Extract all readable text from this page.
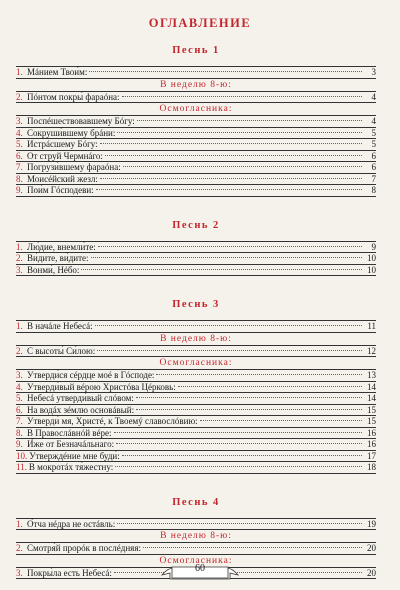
ОГЛАВЛЕНИЕ
Песнь 1
1. Мáнием Твои́м:	3
В неделю 8-ю:
2. Пóнтом покры́ фарaóна:	4
Осмогласника:
3. Поспéшествовавшему Бóгу:	4
4. Сокруши́вшему брáни:	5
5. Истрáсшему Бóгу:	5
6. От струй Чермнáго:	6
7. Погрузи́вшему фарaóна:	6
8. Моисéйский жезл:	7
9. Пои́м Гóсподеви:	8
Песнь 2
1. Лю́дие, внемли́те:	9
2. Ви́дите, ви́дите:	10
3. Вонми́, Нéбо:	10
Песнь 3
1. В начáле Небесá:	11
В неделю 8-ю:
2. С высоты́ Си́лою:	12
Осмогласника:
3. Утверди́ся сéрдце моé в Гóсподе:	13
4. Утверди́вый вéрою Христóва Цéрковь:	14
5. Небесá утверди́вый слóвом:	14
6. На водáх зéмлю основáвый:	15
7. Утверди́ мя, Христé, к Твоемý славослóвию:	15
8. В Правослáвнóй вéре:	16
9. И́же от Безначáльнаго:	16
10. Утверждéние мне буди́:	17
11. В мокротáх тя́жестну:	18
Песнь 4
1. О́тча нéдра не остáвль:	19
В неделю 8-ю:
2. Смотря́й прорóк в послéдняя:	20
Осмогласника:
3. Покры́ла есть Небесá:	20
60
